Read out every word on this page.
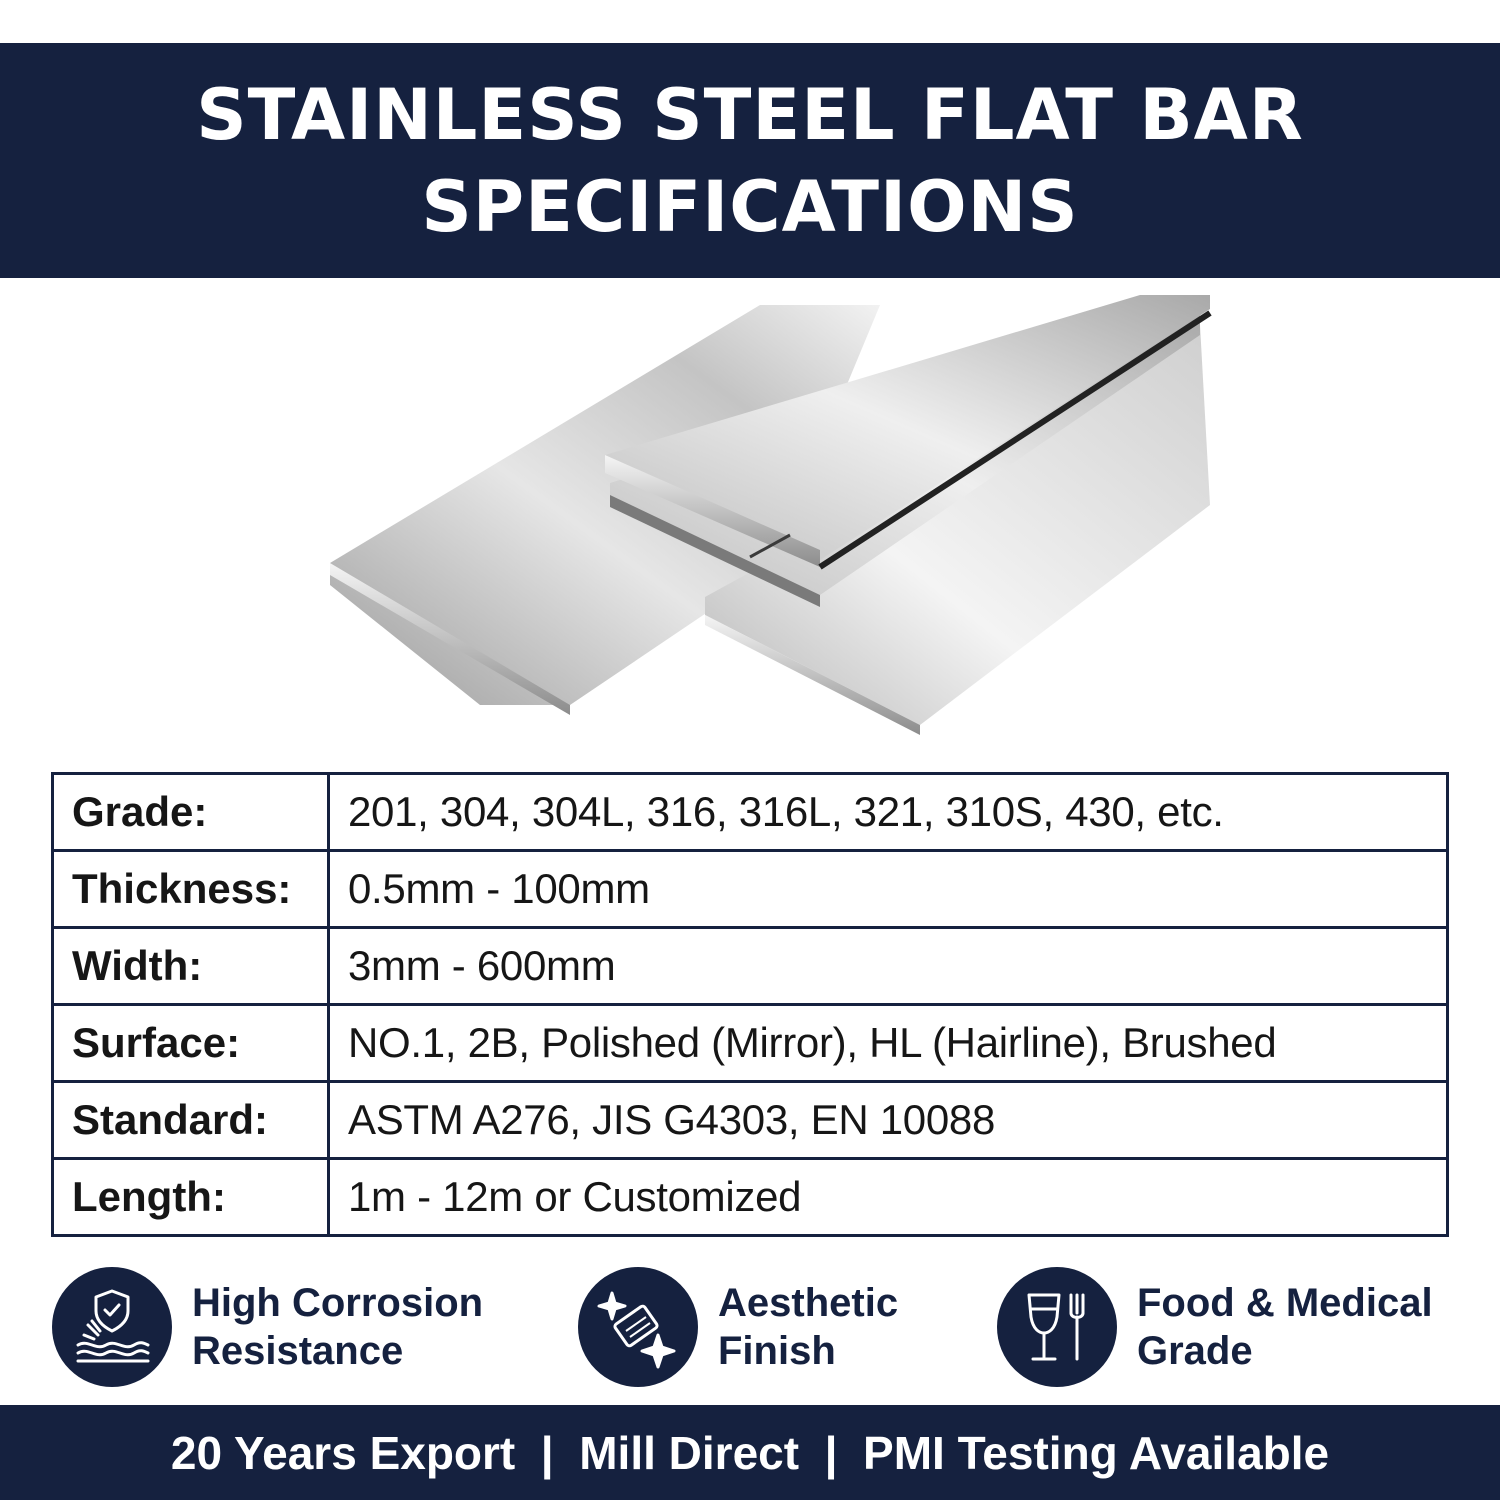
STAINLESS STEEL FLAT BAR
SPECIFICATIONS
Grade:	201, 304, 304L, 316, 316L, 321, 310S, 430, etc.
Thickness:	0.5mm - 100mm
Width:	3mm - 600mm
Surface:	NO.1, 2B, Polished (Mirror), HL (Hairline), Brushed
Standard:	ASTM A276, JIS G4303, EN 10088
Length:	1m - 12m or Customized
High Corrosion
Resistance
Aesthetic
Finish
Food & Medical
Grade
20 Years Export  |  Mill Direct  |  PMI Testing Available
